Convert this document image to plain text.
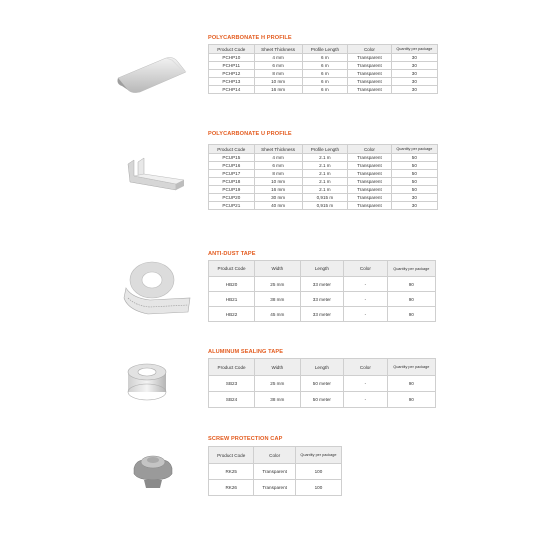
POLYCARBONATE H PROFILE
Product Code	Sheet Thickness	Profile Length	Color	Quantity per package
PCHP10	4 mm	6 m	Transparent	30
PCHP11	6 mm	6 m	Transparent	30
PCHP12	8 mm	6 m	Transparent	30
PCHP13	10 mm	6 m	Transparent	30
PCHP14	16 mm	6 m	Transparent	30
POLYCARBONATE U PROFILE
Product Code	Sheet Thickness	Profile Length	Color	Quantity per package
PCUP15	4 mm	2.1 m	Transparent	50
PCUP16	6 mm	2.1 m	Transparent	50
PCUP17	8 mm	2.1 m	Transparent	50
PCUP18	10 mm	2.1 m	Transparent	50
PCUP19	16 mm	2.1 m	Transparent	50
PCUP20	30 mm	0,915 m	Transparent	30
PCUP21	40 mm	0,915 m	Transparent	30
ANTI-DUST TAPE
Product Code	Width	Length	Color	Quantity per package
HB20	25 mm	33 meter	-	90
HB21	38 mm	33 meter	-	90
HB22	45 mm	33 meter	-	90
ALUMINUM SEALING TAPE
Product Code	Width	Length	Color	Quantity per package
SB23	25 mm	50 meter	-	90
SB24	38 mm	50 meter	-	90
SCREW PROTECTION CAP
Product Code	Color	Quantity per package
RK25	Transparent	100
RK26	Transparent	100
